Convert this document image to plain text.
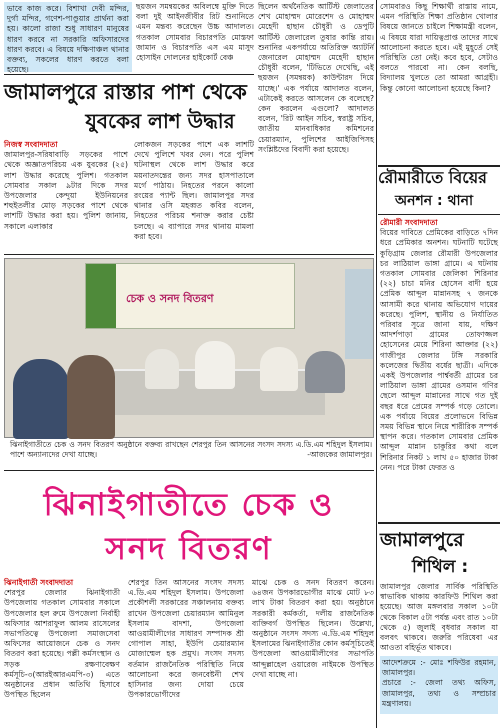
ভাবে কাজ করে। বিশাখা দেবী মন্দির, দুর্গা মন্দির, গণেশ-পাণ্ডুয়ার প্রার্থনা করা হয়। কালো রাজা শুধু সাধারণ মানুষের ধারণ করবে না সরকারি অফিসারদের ধারণ করবে। এ বিষয়ে দক্ষিণাঞ্চল থানার বক্তব্য, সকলের ধারণ করতে বলা হয়েছে।
ছয়জন সমন্বয়কের অবিলম্বে মুক্তি দিতে বলা দুই আইনজীবীর রিট শুনানিতে এমন মন্তব্য করেছেন উচ্চ আদালত। গতকাল সোমবার বিচারপতি মোস্তফা জামান ও বিচারপতি এস এম মাসুদ হোসাইন দোলনের হাইকোর্ট বেঞ্চ
ছিলেন অর্থনৈতিক আর্টিস্ট জেলাতের শেখ মোহাম্মদ মোরেশেদ ও মোহাম্মদ মেহেদী হাছান চৌধুরী ও ডেপুটি আর্টিস্ট জেলারেল তুষার কান্তি রায়। শুনানির একপর্যায়ে অতিরিক্ত অ্যাটর্নি জেনারেল মোহাম্মদ মেহেদী হাছান চৌধুরী বলেন, 'টিভিতে দেখেছি, এই ছয়জন (সমন্বয়ক) কাউন্টারদ দিয়ে যাচ্ছে।' এক পর্যায়ে আদালত বলেন, এটাকেই করতে আসলেন কে বলেছে? কেন করলেন এগুলো? আদালত বলেন, 'রিট আইন সচিব, স্বরাষ্ট্র সচিব, জাতীয় মানবাধিকার কমিশনের চেয়ারম্যান, পুলিশের আইজিপিসহ সংশ্লিষ্টদের বিবাদী করা হয়েছে।
সোমবারও কিছু শিক্ষার্থী রাস্তায় নামে, এমন পরিস্থিতি শিক্ষা প্রতিষ্ঠান খোলার বিষয়ে জানতে চাইলে শিক্ষামন্ত্রী বলেন, এ বিষয়ে যারা দায়িত্বপ্রাপ্ত তাদের সাথে আলোচনা করতে হবে। এই মুহূর্তে সেই পরিস্থিতি তো নেই। কবে হবে, সেটাও বলতে পারবো না। কেন বলছি, বিদ্যালয় খুলতে তো আমরা আগ্রহী। কিন্তু কোনো আলোচনা হয়েছে কিনা?
রৌমারীতে বিয়ের
অনশন : থানা
রৌমারী সংবাদদাতা
বিয়ের দাবিতে প্রেমিকের বাড়িতে ৭দিন ধরে প্রেমিকার অনশন। ঘটনাটি ঘটেছে কুড়িগ্রাম জেলার রৌমারী উপজেলার চর লাঠিয়াল ডাঙ্গা গ্রামে। এ ঘটনায় গতকাল সোমবার জেলিকা শিরিনার (২২) চাচা মনির হোসেন বাদী হয়ে প্রেমিক আব্দুল মান্নানসহ ৭ জনকে আসামী করে থানায় অভিযোগ দায়ের করেছে। পুলিশ, স্থানীয় ও নির্যাতিত পরিবার সূত্রে জানা যায়, দক্ষিণ আদর্শপাড়া গ্রামের তোফাজ্জল হোসেনের মেয়ে শিরিনা আক্তার (২২) গাজীপুর জেলার টঙ্গি সরকারি কলেজের দ্বিতীয় বর্ষের ছাত্রী। এদিকে একই উপজেলার পার্শ্ববর্তী গ্রামের চর লাঠিয়াল ডাঙ্গা গ্রামের ওসমান গণির ছেলে আব্দুল মান্নানের সাথে গত দুই বছর ধরে প্রেমের সম্পর্ক গড়ে তোলে। এক পর্যায়ে বিয়ের প্রলোভনে বিভিন্ন সময় বিভিন্ন স্থানে নিয়ে শারীরিক সম্পর্ক স্থাপন করে। গতকাল সোমবার প্রেমিক আব্দুল মান্নান চাকুরির কথা বলে শিরিনার নিকট ১ লাখ ৫০ হাজার টাকা নেন। পরে টাকা ফেরত ও
জামালপুরে
শিথিল :
জামালপুর জেলার সার্বিক পরিস্থিতি স্বাভাবিক থাকায় কারফিউ শিথিল করা হয়েছে। আজ মঙ্গলবার সকাল ১০টা থেকে বিকাল ৫টা পর্যন্ত এবং রাত ১০টা থেকে ৫) জুলাই বৃধবার সকাল যা বলবৎ থাকবে। জরুরি পরিষেবা এর আওতা বহির্ভূত থাকবে।
আদেশক্রমে :- মোঃ শফিউর রহমান, জামালপুর।
প্রচারে :- জেলা তথ্য অফিস, জামালপুর, তথ্য ও সম্প্রচার মন্ত্রণালয়।
জামালপুরে রাস্তার পাশ থেকে
যুবকের লাশ উদ্ধার
নিজস্ব সংবাদদাতা
জামালপুর-সরিষাবাড়ি সড়কের পাশে থেকে অজ্ঞাতপরিচয় এক যুবকের (২৫) লাশ উদ্ধার করেছে পুলিশ। গতকাল সোমবার সকাল ৯টার দিকে সদর উপজেলার কেন্দুয়া ইউনিয়নের শহুইতলীর মোড় সড়কের পাশে থেকে লাশটি উদ্ধার করা হয়। পুলিশ জানায়, সকালে এলাকার
লোকজন সড়কের পাশে এক লাশটি দেখে পুলিশে খবর দেন। পরে পুলিশ ঘটনাস্থল থেকে লাশ উদ্ধার করে ময়নাতদন্তের জন্য সদর হাসপাতালে মর্গে পাঠায়। নিহতের পরনে কালো রংয়ের প্যান্ট ছিল। জামালপুর সদর থানার ওসি মহব্বত কবির বলেন, নিহতের পরিচয় শনাক্ত করার চেষ্টা চলছে। এ ব্যাপারে সদর থানায় মামলা করা হবে।
চেক ও সনদ বিতরণ
ঝিনাইগাতীতে চেক ও সনদ বিতরণ অনুষ্ঠানে বক্তব্য রাখছেন শেরপুর তিন আসনের সংসদ সদস্য এ.ডি.এম শহিদুল ইসলাম। পাশে অন্যান্যদের দেখা যাচ্ছে।	-আজকের জামালপুর।
ঝিনাইগাতীতে চেক ও
সনদ বিতরণ
ঝিনাইগাতী সংবাদদাতা
শেরপুর জেলার ঝিনাইগাতী উপজেলায় গতকাল সোমবার সকালে উপজেলার হল রুমে উপজেলা নির্বাহী অফিসার আশরাফুল আলম রাসেলের সভাপতিত্বে উপজেলা সমাজসেবা অফিসের আয়োজনে চেক ও সনদ বিতরণ করা হয়েছে। পল্লী কর্মসংস্থান ও সড়ক রক্ষণাবেক্ষণ কর্মসূচি-৩(আরইআরএমপি-৩) এতে অনুষ্ঠানের প্রধান অতিথি হিসাবে উপস্থিত ছিলেন
শেরপুর তিন আসনের সংসদ সদস্য এ.ডি.এম শহিদুল ইসলাম। উপজেলা প্রকৌশলী সরকারের সঞ্চালনায় বক্তব্য রাখেন উপজেলা চেয়ারম্যান আমিনুল ইসলাম বাদশা, উপজেলা আওয়ামীলীগের সাধারণ সম্পাদক শ্রী গোপাল সাহা, ইউপি চেয়ারম্যান মোজাম্মেল হক প্রমুখ। সংসদ সদস্য বর্তমান রাজনৈতিক পরিস্থিতি নিয়ে আলোচনা করে জনবেষ্টনী শেখ হাসিনার জন্য দোয়া চেয়ে উপকারভোগীদের
মাঝে চেক ও সনদ বিতরণ করেন। ৬৪জন উপকারভোগীর মাঝে মোট ৮৩ লাখ টাকা বিতরণ করা হয়। অনুষ্ঠানে সরকারী কর্মকর্তা, দলীয় রাজনৈতিক ব্যক্তিবর্গ উপস্থিত ছিলেন। উল্লেখ্য, অনুষ্ঠানে সংসদ সদস্য এ.ডি.এম শহিদুল ইসলামের ঝিনাইগাতীর কোন কর্মসূচিতেই উপজেলা আওয়ামীলীগের সভাপতি আব্দুল্লাহেল ওয়ারেজ নাইমকে উপস্থিত দেখা যাচ্ছে না।
